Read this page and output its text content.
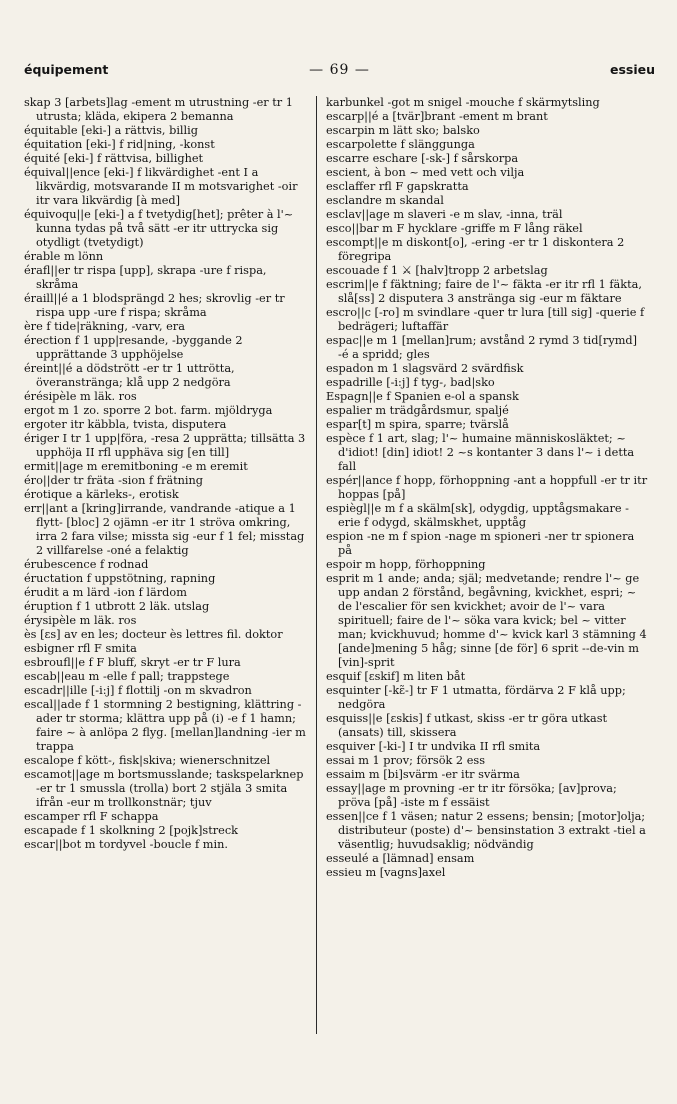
équipement	— 69 —	essieu

skap 3 [arbets]lag -ement m utrustning -er tr 1 utrusta; kläda, ekipera 2 bemanna

équitable [eki-] a rättvis, billig

équitation [eki-] f rid|ning, -konst

équité [eki-] f rättvisa, billighet

équival||ence [eki-] f likvärdighet -ent I a likvärdig, motsvarande II m motsvarighet -oir itr vara likvärdig [à med]

équivoqu||e [eki-] a f tvetydig[het]; prêter à l'~ kunna tydas på två sätt -er itr uttrycka sig otydligt (tvetydigt)

érable m lönn

érafl||er tr rispa [upp], skrapa -ure f rispa, skråma

éraill||é a 1 blodsprängd 2 hes; skrovlig -er tr rispa upp -ure f rispa; skråma

ère f tide|räkning, -varv, era

érection f 1 upp|resande, -byggande 2 upprättande 3 upphöjelse

éreint||é a dödstrött -er tr 1 uttrötta, överanstränga; klå upp 2 nedgöra

érésipèle m läk. ros

ergot m 1 zo. sporre 2 bot. farm. mjöldryga

ergoter itr käbbla, tvista, disputera

ériger I tr 1 upp|föra, -resa 2 upprätta; tillsätta 3 upphöja II rfl upphäva sig [en till]

ermit||age m eremitboning -e m eremit

éro||der tr fräta -sion f frätning

érotique a kärleks-, erotisk

err||ant a [kring]irrande, vandrande -atique a 1 flytt- [bloc] 2 ojämn -er itr 1 ströva omkring, irra 2 fara vilse; missta sig -eur f 1 fel; misstag 2 villfarelse -oné a felaktig

érubescence f rodnad

éructation f uppstötning, rapning

érudit a m lärd -ion f lärdom

éruption f 1 utbrott 2 läk. utslag

érysipèle m läk. ros

ès [ɛs] av en les; docteur ès lettres fil. doktor

esbigner rfl F smita

esbroufl||e f F bluff, skryt -er tr F lura

escab||eau m -elle f pall; trappstege

escadr||ille [-i:j] f flottilj -on m skvadron

escal||ade f 1 stormning 2 bestigning, klättring -ader tr storma; klättra upp på (i) -e f 1 hamn; faire ~ à anlöpa 2 flyg. [mellan]landning -ier m trappa

escalope f kött-, fisk|skiva; wienerschnitzel

escamot||age m bortsmusslande; taskspelarknep -er tr 1 smussla (trolla) bort 2 stjäla 3 smita ifrån -eur m trollkonstnär; tjuv

escamper rfl F schappa

escapade f 1 skolkning 2 [pojk]streck

escar||bot m tordyvel -boucle f min.

karbunkel -got m snigel -mouche f skärmytsling

escarp||é a [tvär]brant -ement m brant

escarpin m lätt sko; balsko

escarpolette f slänggunga

escarre eschare [-sk-] f sårskorpa

escient, à bon ~ med vett och vilja

esclaffer rfl F gapskratta

esclandre m skandal

esclav||age m slaveri -e m slav, -inna, träl

esco||bar m F hycklare -griffe m F lång räkel

escompt||e m diskont[o], -ering -er tr 1 diskontera 2 föregripa

escouade f 1 ⚔ [halv]tropp 2 arbetslag

escrim||e f fäktning; faire de l'~ fäkta -er itr rfl 1 fäkta, slå[ss] 2 disputera 3 anstränga sig -eur m fäktare

escro||c [-ro] m svindlare -quer tr lura [till sig] -querie f bedrägeri; luftaffär

espac||e m 1 [mellan]rum; avstånd 2 rymd 3 tid[rymd] -é a spridd; gles

espadon m 1 slagsvärd 2 svärdfisk

espadrille [-i:j] f tyg-, bad|sko

Espagn||e f Spanien e-ol a spansk

espalier m trädgårdsmur, spaljé

espar[t] m spira, sparre; tvärslå

espèce f 1 art, slag; l'~ humaine människosläktet; ~ d'idiot! [din] idiot! 2 ~s kontanter 3 dans l'~ i detta fall

espér||ance f hopp, förhoppning -ant a hoppfull -er tr itr hoppas [på]

espiègl||e m f a skälm[sk], odygdig, upptågsmakare -erie f odygd, skälmskhet, upptåg

espion -ne m f spion -nage m spioneri -ner tr spionera på

espoir m hopp, förhoppning

esprit m 1 ande; anda; själ; medvetande; rendre l'~ ge upp andan 2 förstånd, begåvning, kvickhet, espri; ~ de l'escalier för sen kvickhet; avoir de l'~ vara spirituell; faire de l'~ söka vara kvick; bel ~ vitter man; kvickhuvud; homme d'~ kvick karl 3 stämning 4 [ande]mening 5 håg; sinne [de för] 6 sprit --de-vin m [vin]-sprit

esquif [ɛskif] m liten båt

esquinter [-kɛ̃-] tr F 1 utmatta, fördärva 2 F klå upp; nedgöra

esquiss||e [ɛskis] f utkast, skiss -er tr göra utkast (ansats) till, skissera

esquiver [-ki-] I tr undvika II rfl smita

essai m 1 prov; försök 2 ess

essaim m [bi]svärm -er itr svärma

essay||age m provning -er tr itr försöka; [av]prova; pröva [på] -iste m f essäist

essen||ce f 1 väsen; natur 2 essens; bensin; [motor]olja; distributeur (poste) d'~ bensinstation 3 extrakt -tiel a väsentlig; huvudsaklig; nödvändig

esseulé a [lämnad] ensam

essieu m [vagns]axel
